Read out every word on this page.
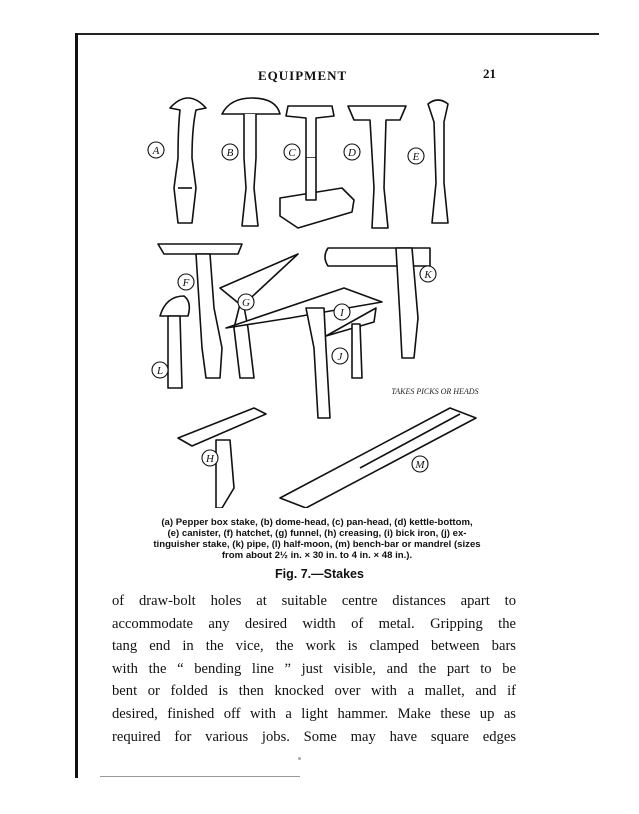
EQUIPMENT	21
A	B	C	D	E
F
G
H
I
J
K
L
M
TAKES PICKS OR HEADS
(a) Pepper box stake, (b) dome-head, (c) pan-head, (d) kettle-bottom,
(e) canister, (f) hatchet, (g) funnel, (h) creasing, (i) bick iron, (j) ex-
tinguisher stake, (k) pipe, (l) half-moon, (m) bench-bar or mandrel (sizes
from about 2½ in. × 30 in. to 4 in. × 48 in.).
Fig. 7.—Stakes

of draw-bolt holes at suitable centre distances apart to

accommodate any desired width of metal. Gripping the

tang end in the vice, the work is clamped between bars

with the “ bending line ” just visible, and the part to be

bent or folded is then knocked over with a mallet, and if

desired, finished off with a light hammer. Make these up as

required for various jobs. Some may have square edges
